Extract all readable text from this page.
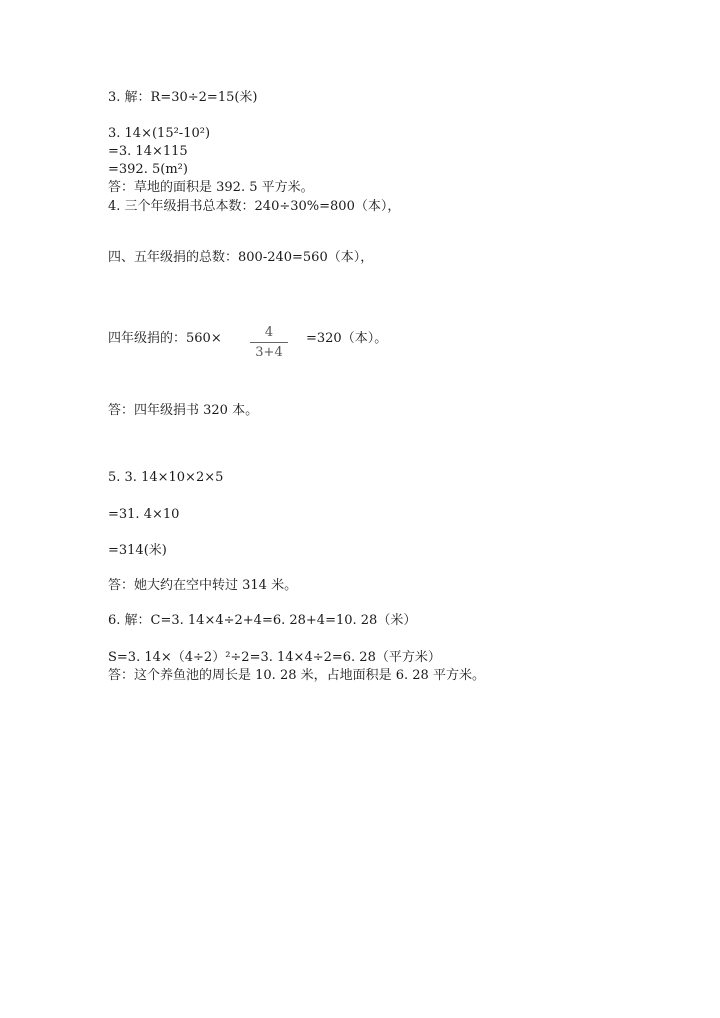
3. 解：R=30÷2=15(米)
3. 14×(15²-10²)
=3. 14×115
=392. 5(m²)
答：草地的面积是 392. 5 平方米。
4. 三个年级捐书总本数：240÷30%=800（本），
四、五年级捐的总数：800-240=560（本），
四年级捐的：560×	4
3+4
=320（本）。
答：四年级捐书 320 本。
5. 3. 14×10×2×5
=31. 4×10
=314(米)
答：她大约在空中转过 314 米。
6. 解：C=3. 14×4÷2+4=6. 28+4=10. 28（米）
S=3. 14×（4÷2）²÷2=3. 14×4÷2=6. 28（平方米）
答：这个养鱼池的周长是 10. 28 米，占地面积是 6. 28 平方米。
